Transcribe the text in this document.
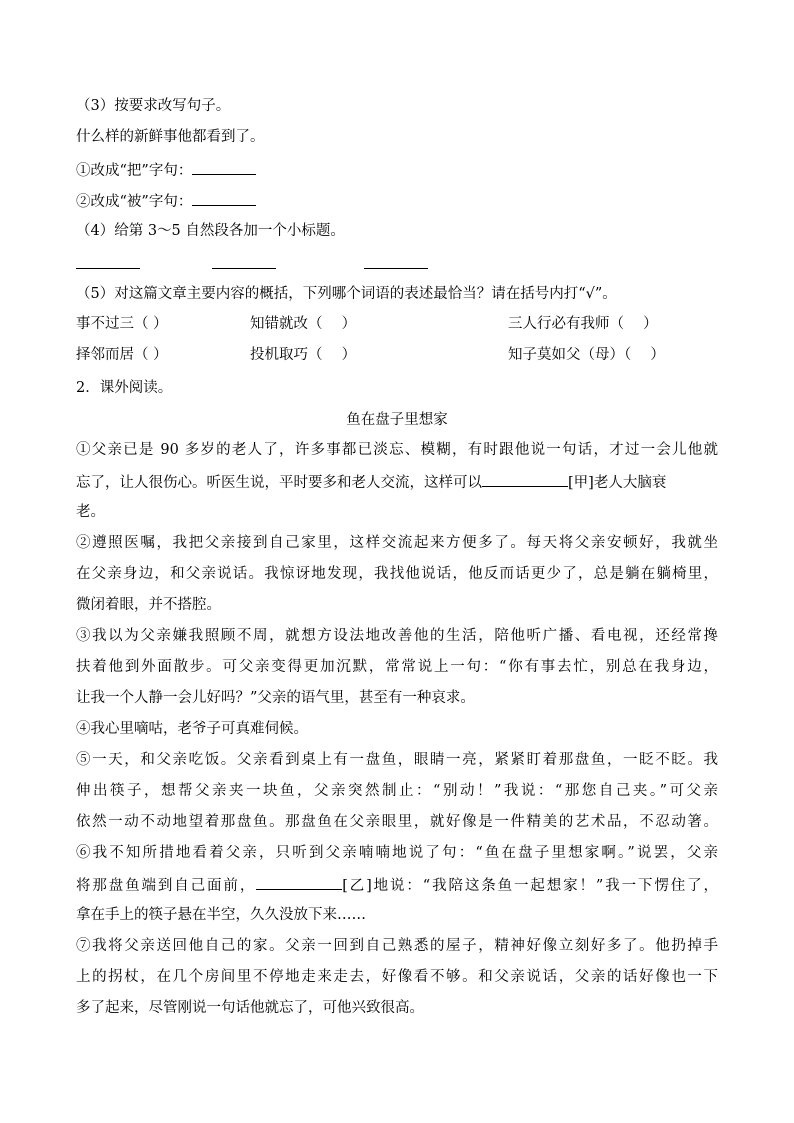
（3）按要求改写句子。
什么样的新鲜事他都看到了。
①改成“把”字句：
②改成“被”字句：
（4）给第 3～5 自然段各加一个小标题。
（5）对这篇文章主要内容的概括，下列哪个词语的表述最恰当？请在括号内打“√”。
事不过三（ ）	知错就改（　 ）	三人行必有我师（　 ）
择邻而居（ ）	投机取巧（　 ）	知子莫如父（母）（　 ）
2．课外阅读。
鱼在盘子里想家
①父亲已是 90 多岁的老人了，许多事都已淡忘、模糊，有时跟他说一句话，才过一会儿他就
忘了，让人很伤心。听医生说，平时要多和老人交流，这样可以	[甲]老人大脑衰
老。
②遵照医嘱，我把父亲接到自己家里，这样交流起来方便多了。每天将父亲安顿好，我就坐
在父亲身边，和父亲说话。我惊讶地发现，我找他说话，他反而话更少了，总是躺在躺椅里，
微闭着眼，并不搭腔。
③我以为父亲嫌我照顾不周，就想方设法地改善他的生活，陪他听广播、看电视，还经常搀
扶着他到外面散步。可父亲变得更加沉默，常常说上一句：“你有事去忙，别总在我身边，
让我一个人静一会儿好吗？”父亲的语气里，甚至有一种哀求。
④我心里嘀咕，老爷子可真难伺候。
⑤一天，和父亲吃饭。父亲看到桌上有一盘鱼，眼睛一亮，紧紧盯着那盘鱼，一眨不眨。我
伸出筷子，想帮父亲夹一块鱼，父亲突然制止：“别动！”我说：“那您自己夹。”可父亲
依然一动不动地望着那盘鱼。那盘鱼在父亲眼里，就好像是一件精美的艺术品，不忍动箸。
⑥我不知所措地看着父亲，只听到父亲喃喃地说了句：“鱼在盘子里想家啊。”说罢，父亲
将那盘鱼端到自己面前，	[乙]地说：“我陪这条鱼一起想家！”我一下愣住了，
拿在手上的筷子悬在半空，久久没放下来……
⑦我将父亲送回他自己的家。父亲一回到自己熟悉的屋子，精神好像立刻好多了。他扔掉手
上的拐杖，在几个房间里不停地走来走去，好像看不够。和父亲说话，父亲的话好像也一下
多了起来，尽管刚说一句话他就忘了，可他兴致很高。
